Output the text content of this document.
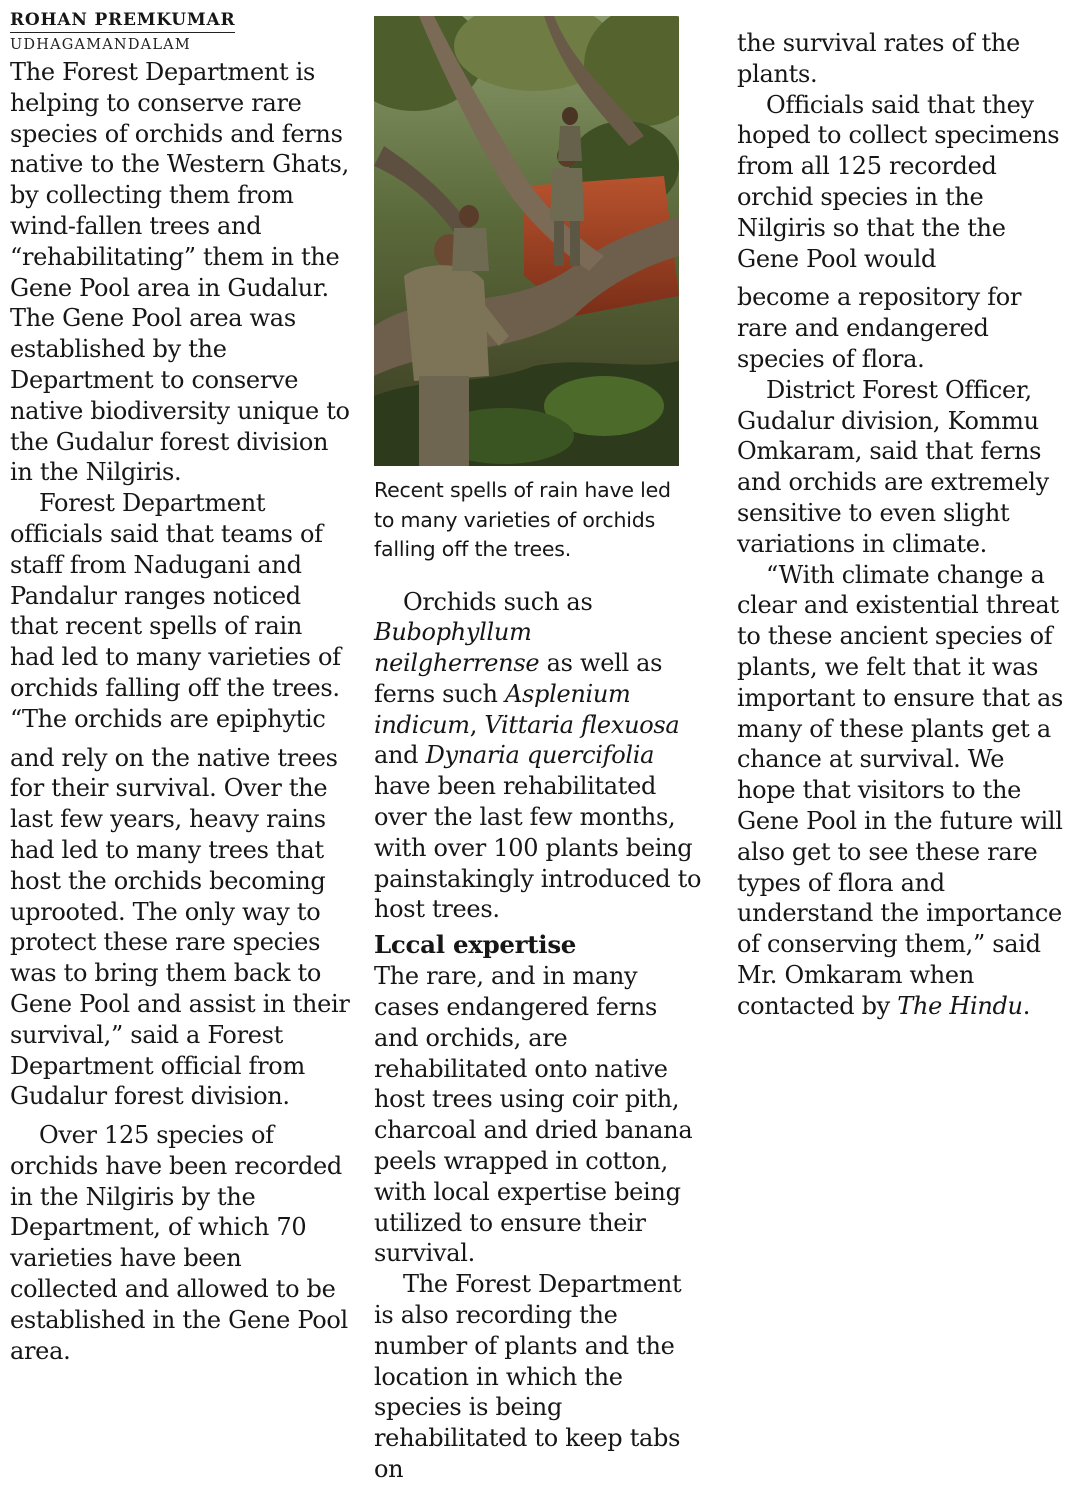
ROHAN PREMKUMAR
UDHAGAMANDALAM

The Forest Department is helping to conserve rare species of orchids and ferns native to the Western Ghats, by collecting them from wind-fallen trees and “rehabilitating” them in the Gene Pool area in Gudalur. The Gene Pool area was established by the Department to conserve native biodiversity unique to the Gudalur forest division in the Nilgiris.

Forest Department officials said that teams of staff from Nadugani and Pandalur ranges noticed that recent spells of rain had led to many varieties of orchids falling off the trees. “The orchids are epiphytic

and rely on the native trees for their survival. Over the last few years, heavy rains had led to many trees that host the orchids becoming uprooted. The only way to protect these rare species was to bring them back to Gene Pool and assist in their survival,” said a Forest Department official from Gudalur forest division.

Over 125 species of orchids have been recorded in the Nilgiris by the Department, of which 70 varieties have been collected and allowed to be established in the Gene Pool area.

Recent spells of rain have led to many varieties of orchids falling off the trees.

Orchids such as Bubophyllum neilgherrense as well as ferns such Asplenium indicum, Vittaria flexuosa and Dynaria quercifolia have been rehabilitated over the last few months, with over 100 plants being painstakingly introduced to host trees.

Lccal expertise

The rare, and in many cases endangered ferns and orchids, are rehabilitated onto native host trees using coir pith, charcoal and dried banana peels wrapped in cotton, with local expertise being utilized to ensure their survival.

The Forest Department is also recording the number of plants and the location in which the species is being rehabilitated to keep tabs on

the survival rates of the plants.

Officials said that they hoped to collect specimens from all 125 recorded orchid species in the Nilgiris so that the the Gene Pool would

become a repository for rare and endangered species of flora.

District Forest Officer, Gudalur division, Kommu Omkaram, said that ferns and orchids are extremely sensitive to even slight variations in climate.

“With climate change a clear and existential threat to these ancient species of plants, we felt that it was important to ensure that as many of these plants get a chance at survival. We hope that visitors to the Gene Pool in the future will also get to see these rare types of flora and understand the importance of conserving them,” said Mr. Omkaram when contacted by The Hindu.
